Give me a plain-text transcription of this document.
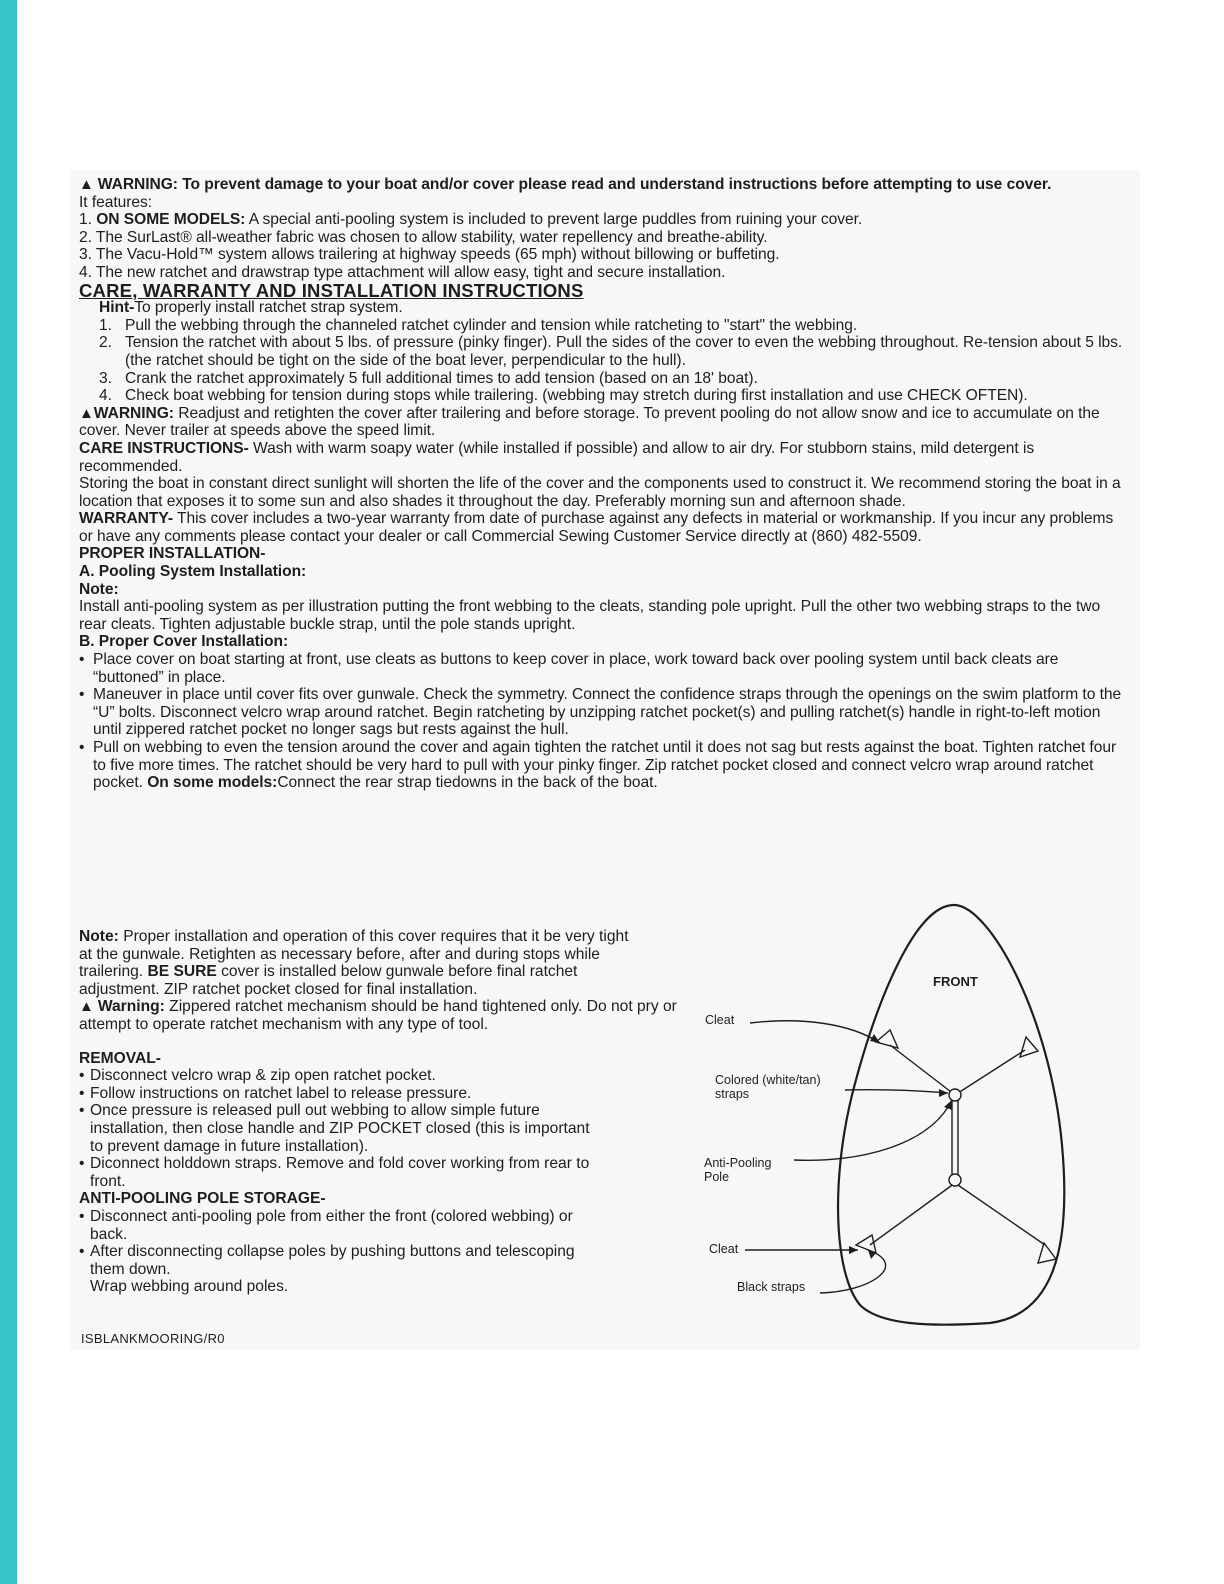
▲ WARNING: To prevent damage to your boat and/or cover please read and understand instructions before attempting to use cover.

It features:

1. ON SOME MODELS: A special anti-pooling system is included to prevent large puddles from ruining your cover.

2. The SurLast® all-weather fabric was chosen to allow stability, water repellency and breathe-ability.

3. The Vacu-Hold™ system allows trailering at highway speeds (65 mph) without billowing or buffeting.

4. The new ratchet and drawstrap type attachment will allow easy, tight and secure installation.

CARE, WARRANTY AND INSTALLATION INSTRUCTIONS

Hint-To properly install ratchet strap system.

1. Pull the webbing through the channeled ratchet cylinder and tension while ratcheting to "start" the webbing.
2. Tension the ratchet with about 5 lbs. of pressure (pinky finger). Pull the sides of the cover to even the webbing throughout. Re-tension about 5 lbs. (the ratchet should be tight on the side of the boat lever, perpendicular to the hull).
3. Crank the ratchet approximately 5 full additional times to add tension (based on an 18' boat).
4. Check boat webbing for tension during stops while trailering. (webbing may stretch during first installation and use CHECK OFTEN).

▲WARNING: Readjust and retighten the cover after trailering and before storage. To prevent pooling do not allow snow and ice to accumulate on the cover. Never trailer at speeds above the speed limit.

CARE INSTRUCTIONS- Wash with warm soapy water (while installed if possible) and allow to air dry. For stubborn stains, mild detergent is recommended.

Storing the boat in constant direct sunlight will shorten the life of the cover and the components used to construct it. We recommend storing the boat in a location that exposes it to some sun and also shades it throughout the day. Preferably morning sun and afternoon shade.

WARRANTY- This cover includes a two-year warranty from date of purchase against any defects in material or workmanship. If you incur any problems or have any comments please contact your dealer or call Commercial Sewing Customer Service directly at (860) 482-5509.

PROPER INSTALLATION-

A. Pooling System Installation:

Note:

Install anti-pooling system as per illustration putting the front webbing to the cleats, standing pole upright. Pull the other two webbing straps to the two rear cleats. Tighten adjustable buckle strap, until the pole stands upright.

B. Proper Cover Installation:

• Place cover on boat starting at front, use cleats as buttons to keep cover in place, work toward back over pooling system until back cleats are “buttoned” in place.
• Maneuver in place until cover fits over gunwale. Check the symmetry. Connect the confidence straps through the openings on the swim platform to the “U” bolts. Disconnect velcro wrap around ratchet. Begin ratcheting by unzipping ratchet pocket(s) and pulling ratchet(s) handle in right-to-left motion until zippered ratchet pocket no longer sags but rests against the hull.
• Pull on webbing to even the tension around the cover and again tighten the ratchet until it does not sag but rests against the boat. Tighten ratchet four to five more times. The ratchet should be very hard to pull with your pinky finger. Zip ratchet pocket closed and connect velcro wrap around ratchet pocket. On some models:Connect the rear strap tiedowns in the back of the boat.

Note: Proper installation and operation of this cover requires that it be very tight at the gunwale. Retighten as necessary before, after and during stops while trailering. BE SURE cover is installed below gunwale before final ratchet adjustment. ZIP ratchet pocket closed for final installation.

▲ Warning: Zippered ratchet mechanism should be hand tightened only. Do not pry or attempt to operate ratchet mechanism with any type of tool.

REMOVAL-

• Disconnect velcro wrap & zip open ratchet pocket.
• Follow instructions on ratchet label to release pressure.
• Once pressure is released pull out webbing to allow simple future installation, then close handle and ZIP POCKET closed (this is important to prevent damage in future installation).
• Diconnect holddown straps. Remove and fold cover working from rear to front.

ANTI-POOLING POLE STORAGE-

• Disconnect anti-pooling pole from either the front (colored webbing) or back.
• After disconnecting collapse poles by pushing buttons and telescoping them down.

Wrap webbing around poles.

ISBLANKMOORING/R0
FRONT
Cleat
Colored (white/tan)
straps
Anti-Pooling
Pole
Cleat
Black straps
